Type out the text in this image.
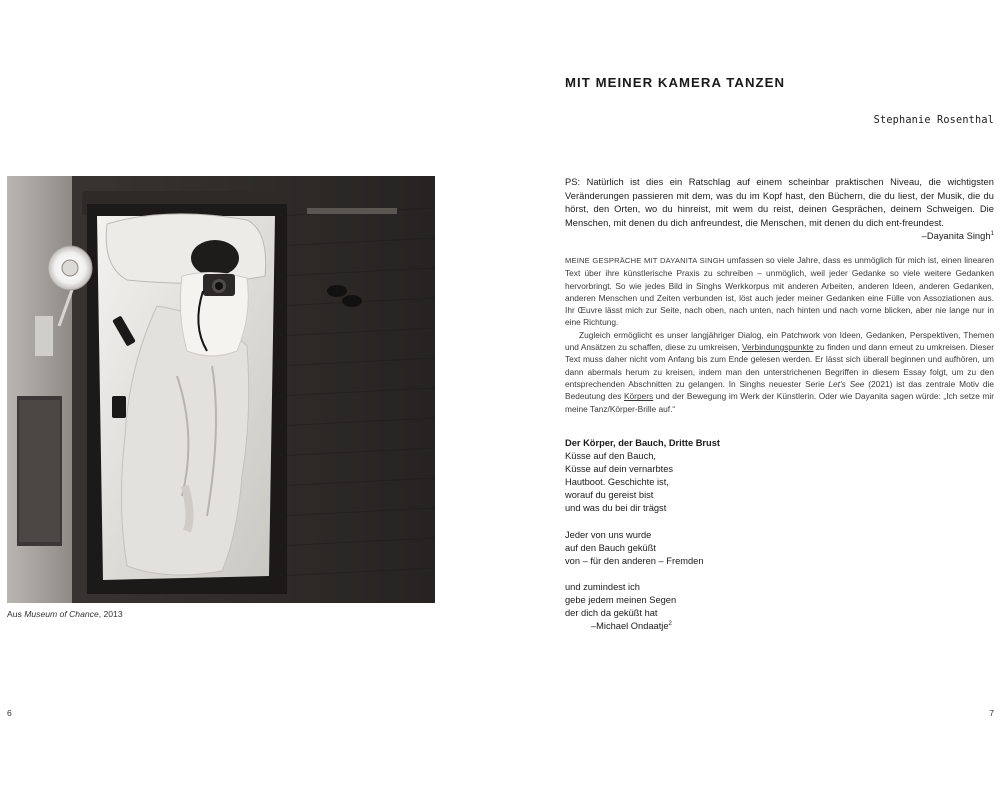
Aus Museum of Chance, 2013
6
MIT MEINER KAMERA TANZEN
Stephanie Rosenthal
PS: Natürlich ist dies ein Ratschlag auf einem scheinbar praktischen Niveau, die wichtigsten Veränderungen passieren mit dem, was du im Kopf hast, den Büchern, die du liest, der Musik, die du hörst, den Orten, wo du hinreist, mit wem du reist, deinen Gesprächen, deinem Schweigen. Die Menschen, mit denen du dich anfreundest, die Menschen, mit denen du dich ent-freundest.
–Dayanita Singh$^1$

MEINE GESPRÄCHE MIT DAYANITA SINGH umfassen so viele Jahre, dass es unmöglich für mich ist, einen linearen Text über ihre künstlerische Praxis zu schreiben – unmöglich, weil jeder Gedanke so viele weitere Gedanken hervorbringt. So wie jedes Bild in Singhs Werkkorpus mit anderen Arbeiten, anderen Ideen, anderen Gedanken, anderen Menschen und Zeiten verbunden ist, löst auch jeder meiner Gedanken eine Fülle von Assoziationen aus. Ihr Œuvre lässt mich zur Seite, nach oben, nach unten, nach hinten und nach vorne blicken, aber nie lange nur in eine Richtung.

Zugleich ermöglicht es unser langjähriger Dialog, ein Patchwork von Ideen, Gedanken, Perspektiven, Themen und Ansätzen zu schaffen, diese zu umkreisen, Verbindungspunkte zu finden und dann erneut zu umkreisen. Dieser Text muss daher nicht vom Anfang bis zum Ende gelesen werden. Er lässt sich überall beginnen und aufhören, um dann abermals herum zu kreisen, indem man den unterstrichenen Begriffen in diesem Essay folgt, um zu den entsprechenden Abschnitten zu gelangen. In Singhs neuester Serie Let's See (2021) ist das zentrale Motiv die Bedeutung des Körpers und der Bewegung im Werk der Künstlerin. Oder wie Dayanita sagen würde: „Ich setze mir meine Tanz/Körper-Brille auf.“

Der Körper, der Bauch, Dritte Brust
Küsse auf den Bauch,
Küsse auf dein vernarbtes
Hautboot. Geschichte ist,
worauf du gereist bist
und was du bei dir trägst
Jeder von uns wurde
auf den Bauch geküßt
von – für den anderen – Fremden
und zumindest ich
gebe jedem meinen Segen
der dich da geküßt hat
–Michael Ondaatje$^2$
7
